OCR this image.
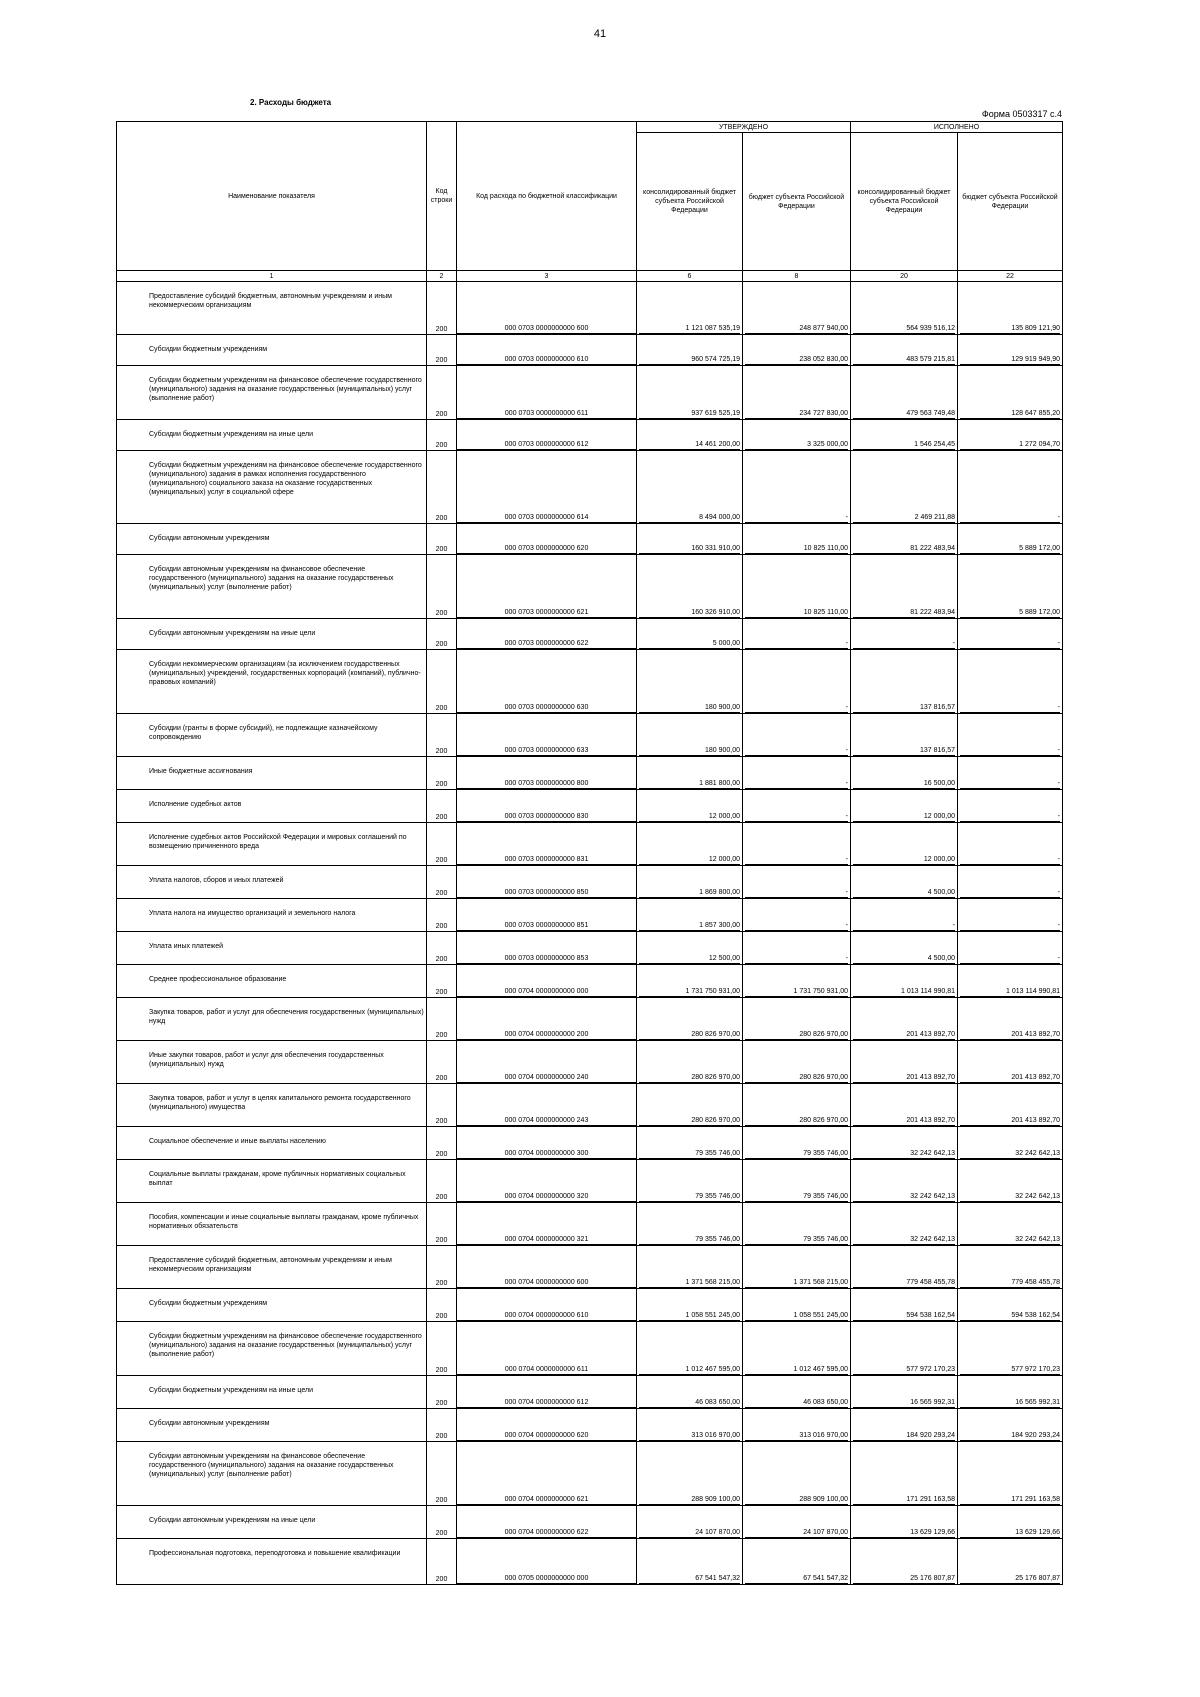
41
2. Расходы бюджета
Форма 0503317 с.4
Наименование показателя	Код строки	Код расхода по бюджетной классификации	УТВЕРЖДЕНО		ИСПОЛНЕНО	
			консолидированный бюджет субъекта Российской Федерации	бюджет субъекта Российской Федерации	консолидированный бюджет субъекта Российской Федерации	бюджет субъекта Российской Федерации
1	2	3	6	8	20	22
Предоставление субсидий бюджетным, автономным учреждениям и иным некоммерческим организациям	200	000 0703 0000000000 600	1 121 087 535,19	248 877 940,00	564 939 516,12	135 809 121,90

Субсидии бюджетным учреждениям	200	000 0703 0000000000 610	960 574 725,19	238 052 830,00	483 579 215,81	129 919 949,90

Субсидии бюджетным учреждениям на финансовое обеспечение государственного (муниципального) задания на оказание государственных (муниципальных) услуг (выполнение работ)	200	000 0703 0000000000 611	937 619 525,19	234 727 830,00	479 563 749,48	128 647 855,20

Субсидии бюджетным учреждениям на иные цели	200	000 0703 0000000000 612	14 461 200,00	3 325 000,00	1 546 254,45	1 272 094,70

Субсидии бюджетным учреждениям на финансовое обеспечение государственного (муниципального) задания в рамках исполнения государственного (муниципального) социального заказа на оказание государственных (муниципальных) услуг в социальной сфере	200	000 0703 0000000000 614	8 494 000,00	-	2 469 211,88	-

Субсидии автономным учреждениям	200	000 0703 0000000000 620	160 331 910,00	10 825 110,00	81 222 483,94	5 889 172,00

Субсидии автономным учреждениям на финансовое обеспечение государственного (муниципального) задания на оказание государственных (муниципальных) услуг (выполнение работ)	200	000 0703 0000000000 621	160 326 910,00	10 825 110,00	81 222 483,94	5 889 172,00

Субсидии автономным учреждениям на иные цели	200	000 0703 0000000000 622	5 000,00	-	-	-

Субсидии некоммерческим организациям (за исключением государственных (муниципальных) учреждений, государственных корпораций (компаний), публично-правовых компаний)	200	000 0703 0000000000 630	180 900,00	-	137 816,57	-

Субсидии (гранты в форме субсидий), не подлежащие казначейскому сопровождению	200	000 0703 0000000000 633	180 900,00	-	137 816,57	-

Иные бюджетные ассигнования	200	000 0703 0000000000 800	1 881 800,00	-	16 500,00	-

Исполнение судебных актов	200	000 0703 0000000000 830	12 000,00	-	12 000,00	-

Исполнение судебных актов Российской Федерации и мировых соглашений по возмещению причиненного вреда	200	000 0703 0000000000 831	12 000,00	-	12 000,00	-

Уплата налогов, сборов и иных платежей	200	000 0703 0000000000 850	1 869 800,00	-	4 500,00	-

Уплата налога на имущество организаций и земельного налога	200	000 0703 0000000000 851	1 857 300,00	-	-	-

Уплата иных платежей	200	000 0703 0000000000 853	12 500,00	-	4 500,00	-

Среднее профессиональное образование	200	000 0704 0000000000 000	1 731 750 931,00	1 731 750 931,00	1 013 114 990,81	1 013 114 990,81

Закупка товаров, работ и услуг для обеспечения государственных (муниципальных) нужд	200	000 0704 0000000000 200	280 826 970,00	280 826 970,00	201 413 892,70	201 413 892,70

Иные закупки товаров, работ и услуг для обеспечения государственных (муниципальных) нужд	200	000 0704 0000000000 240	280 826 970,00	280 826 970,00	201 413 892,70	201 413 892,70

Закупка товаров, работ и услуг в целях капитального ремонта государственного (муниципального) имущества	200	000 0704 0000000000 243	280 826 970,00	280 826 970,00	201 413 892,70	201 413 892,70

Социальное обеспечение и иные выплаты населению	200	000 0704 0000000000 300	79 355 746,00	79 355 746,00	32 242 642,13	32 242 642,13

Социальные выплаты гражданам, кроме публичных нормативных социальных выплат	200	000 0704 0000000000 320	79 355 746,00	79 355 746,00	32 242 642,13	32 242 642,13

Пособия, компенсации и иные социальные выплаты гражданам, кроме публичных нормативных обязательств	200	000 0704 0000000000 321	79 355 746,00	79 355 746,00	32 242 642,13	32 242 642,13

Предоставление субсидий бюджетным, автономным учреждениям и иным некоммерческим организациям	200	000 0704 0000000000 600	1 371 568 215,00	1 371 568 215,00	779 458 455,78	779 458 455,78

Субсидии бюджетным учреждениям	200	000 0704 0000000000 610	1 058 551 245,00	1 058 551 245,00	594 538 162,54	594 538 162,54

Субсидии бюджетным учреждениям на финансовое обеспечение государственного (муниципального) задания на оказание государственных (муниципальных) услуг (выполнение работ)	200	000 0704 0000000000 611	1 012 467 595,00	1 012 467 595,00	577 972 170,23	577 972 170,23

Субсидии бюджетным учреждениям на иные цели	200	000 0704 0000000000 612	46 083 650,00	46 083 650,00	16 565 992,31	16 565 992,31

Субсидии автономным учреждениям	200	000 0704 0000000000 620	313 016 970,00	313 016 970,00	184 920 293,24	184 920 293,24

Субсидии автономным учреждениям на финансовое обеспечение государственного (муниципального) задания на оказание государственных (муниципальных) услуг (выполнение работ)	200	000 0704 0000000000 621	288 909 100,00	288 909 100,00	171 291 163,58	171 291 163,58

Субсидии автономным учреждениям на иные цели	200	000 0704 0000000000 622	24 107 870,00	24 107 870,00	13 629 129,66	13 629 129,66

Профессиональная подготовка, переподготовка и повышение квалификации	200	000 0705 0000000000 000	67 541 547,32	67 541 547,32	25 176 807,87	25 176 807,87
